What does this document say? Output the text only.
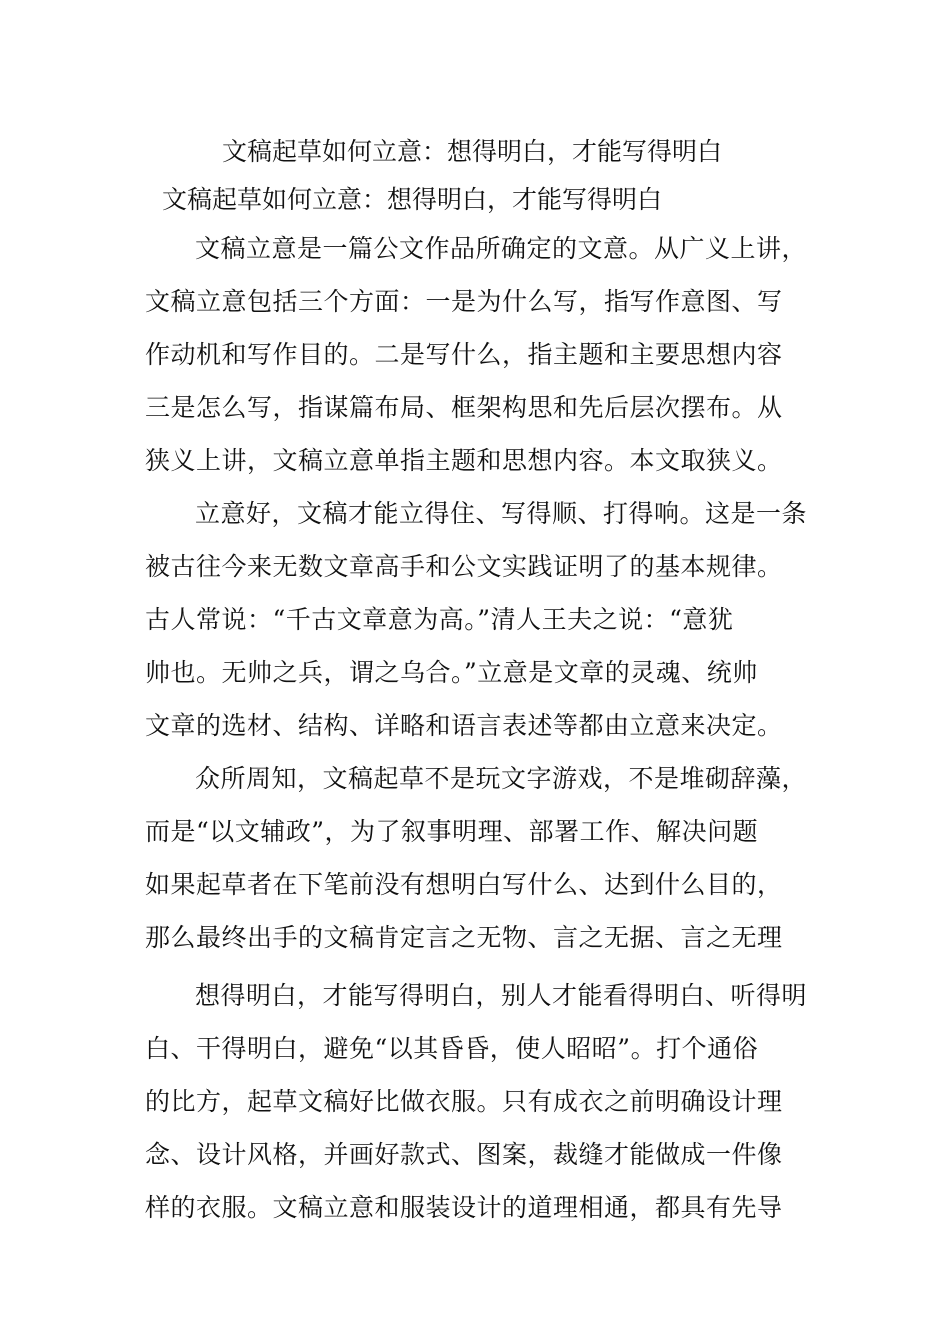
文稿起草如何立意：想得明白，才能写得明白
文稿起草如何立意：想得明白，才能写得明白
文稿立意是一篇公文作品所确定的文意。从广义上讲，
文稿立意包括三个方面：一是为什么写，指写作意图、写
作动机和写作目的。二是写什么，指主题和主要思想内容
三是怎么写，指谋篇布局、框架构思和先后层次摆布。从
狭义上讲，文稿立意单指主题和思想内容。本文取狭义。
立意好，文稿才能立得住、写得顺、打得响。这是一条
被古往今来无数文章高手和公文实践证明了的基本规律。
古人常说：“千古文章意为高。”清人王夫之说：“意犹
帅也。无帅之兵，谓之乌合。”立意是文章的灵魂、统帅
文章的选材、结构、详略和语言表述等都由立意来决定。
众所周知，文稿起草不是玩文字游戏，不是堆砌辞藻，
而是“以文辅政”，为了叙事明理、部署工作、解决问题
如果起草者在下笔前没有想明白写什么、达到什么目的，
那么最终出手的文稿肯定言之无物、言之无据、言之无理
想得明白，才能写得明白，别人才能看得明白、听得明
白、干得明白，避免“以其昏昏，使人昭昭”。打个通俗
的比方，起草文稿好比做衣服。只有成衣之前明确设计理
念、设计风格，并画好款式、图案，裁缝才能做成一件像
样的衣服。文稿立意和服装设计的道理相通，都具有先导
